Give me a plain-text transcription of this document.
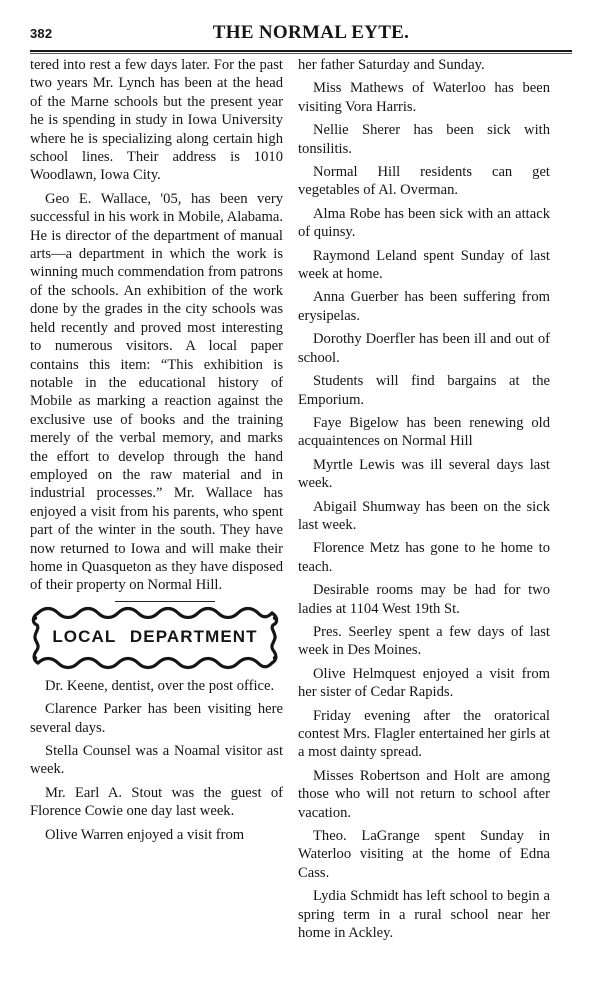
382	THE NORMAL EYTE.

tered into rest a few days later. For the past two years Mr. Lynch has been at the head of the Marne schools but the present year he is spending in study in Iowa University where he is specializing along certain high school lines. Their address is 1010 Woodlawn, Iowa City.

Geo E. Wallace, '05, has been very successful in his work in Mobile, Alabama. He is director of the department of manual arts—a department in which the work is winning much commendation from patrons of the schools. An exhibition of the work done by the grades in the city schools was held recently and proved most interesting to numerous visitors. A local paper contains this item: “This exhibition is notable in the educational history of Mobile as marking a reaction against the exclusive use of books and the training merely of the verbal memory, and marks the effort to develop through the hand employed on the raw material and in industrial processes.” Mr. Wallace has enjoyed a visit from his parents, who spent part of the winter in the south. They have now returned to Iowa and will make their home in Quasqueton as they have disposed of their property on Normal Hill.

LOCAL DEPARTMENT

Dr. Keene, dentist, over the post office.

Clarence Parker has been visiting here several days.

Stella Counsel was a Noamal visitor ast week.

Mr. Earl A. Stout was the guest of Florence Cowie one day last week.

Olive Warren enjoyed a visit from

her father Saturday and Sunday.

Miss Mathews of Waterloo has been visiting Vora Harris.

Nellie Sherer has been sick with tonsilitis.

Normal Hill residents can get vegetables of Al. Overman.

Alma Robe has been sick with an attack of quinsy.

Raymond Leland spent Sunday of last week at home.

Anna Guerber has been suffering from erysipelas.

Dorothy Doerfler has been ill and out of school.

Students will find bargains at the Emporium.

Faye Bigelow has been renewing old acquaintences on Normal Hill

Myrtle Lewis was ill several days last week.

Abigail Shumway has been on the sick last week.

Florence Metz has gone to he home to teach.

Desirable rooms may be had for two ladies at 1104 West 19th St.

Pres. Seerley spent a few days of last week in Des Moines.

Olive Helmquest enjoyed a visit from her sister of Cedar Rapids.

Friday evening after the oratorical contest Mrs. Flagler entertained her girls at a most dainty spread.

Misses Robertson and Holt are among those who will not return to school after vacation.

Theo. LaGrange spent Sunday in Waterloo visiting at the home of Edna Cass.

Lydia Schmidt has left school to begin a spring term in a rural school near her home in Ackley.
